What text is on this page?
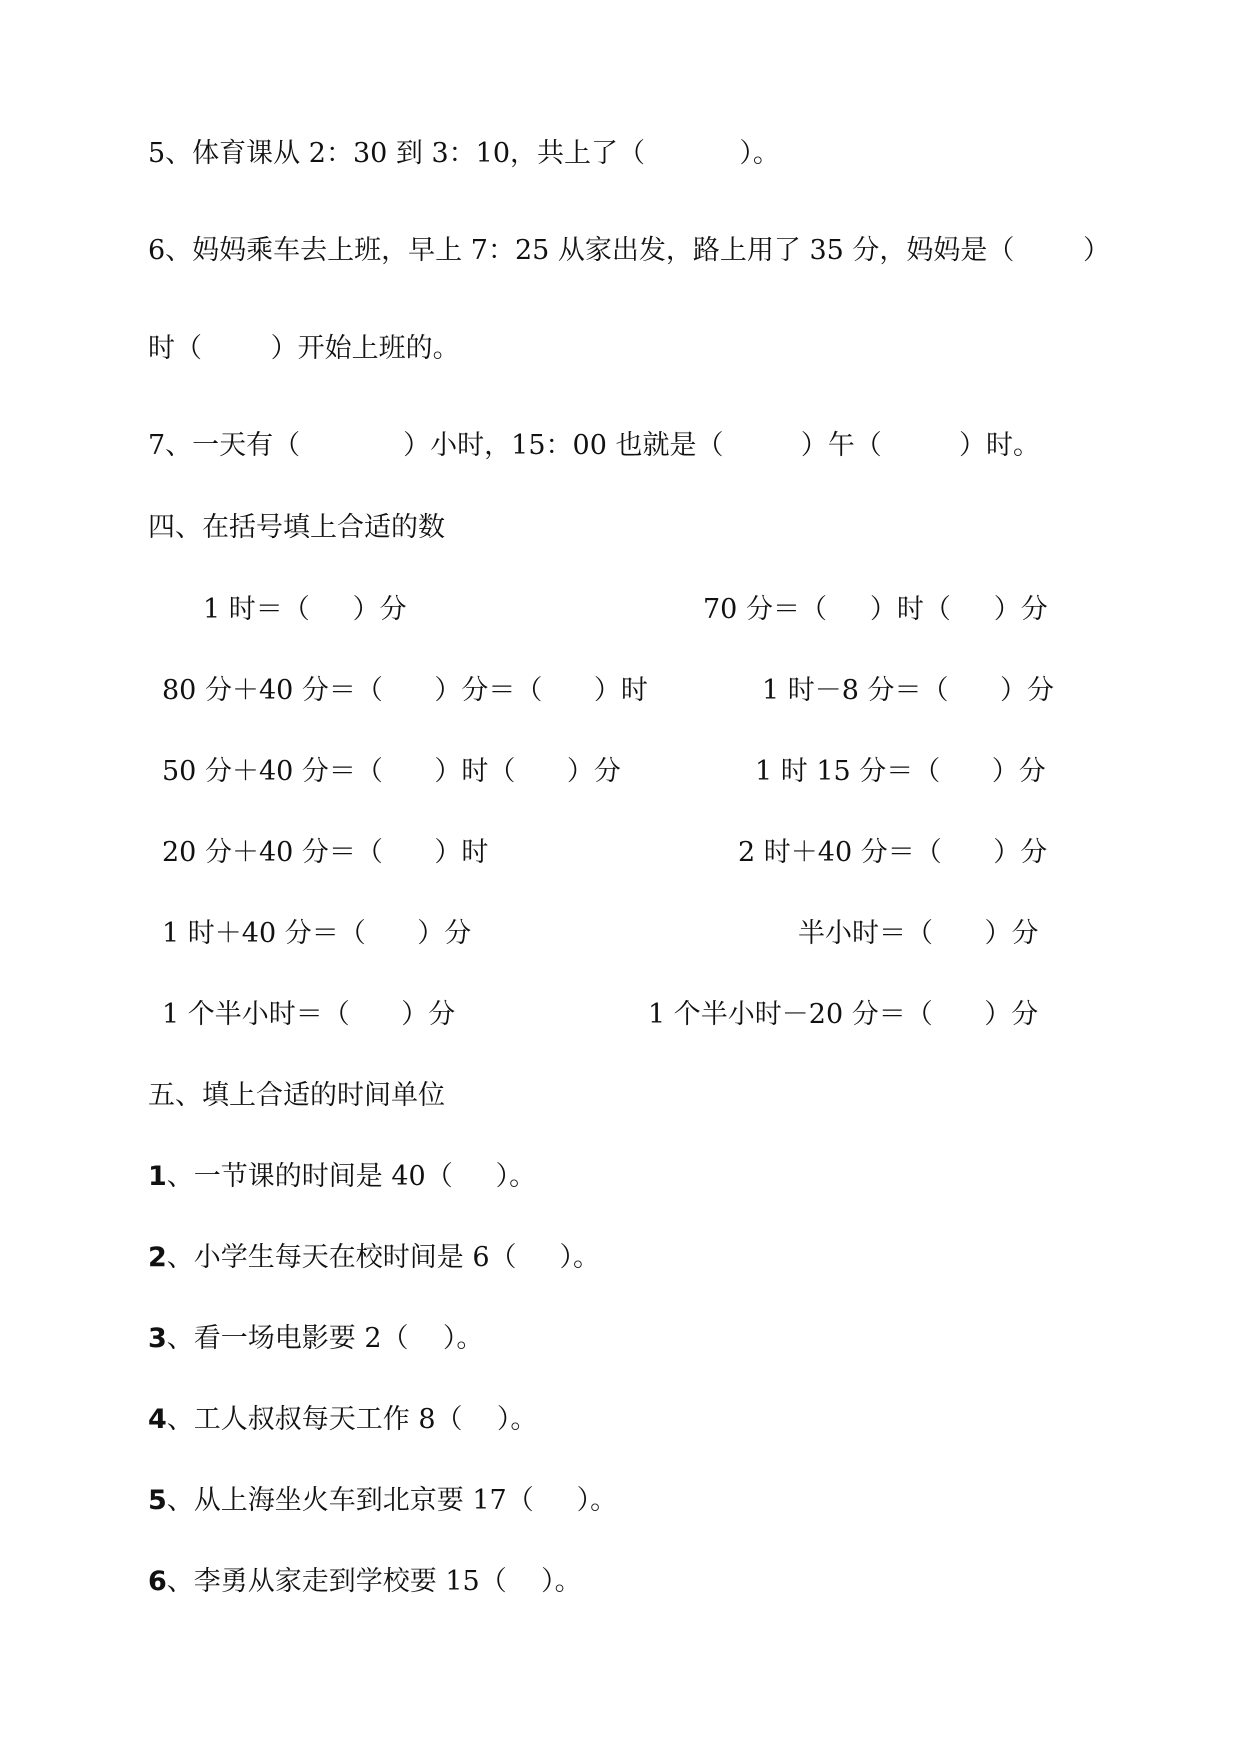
5、体育课从 2：30 到 3：10，共上了（           ）。
6、妈妈乘车去上班，早上 7：25 从家出发，路上用了 35 分，妈妈是（        ）
时（        ）开始上班的。
7、一天有（            ）小时，15：00 也就是（         ）午（         ）时。
四、在括号填上合适的数
1 时＝（     ）分	70 分＝（     ）时（     ）分
80 分＋40 分＝（      ）分＝（      ）时	1 时－8 分＝（      ）分
50 分＋40 分＝（      ）时（      ）分	1 时 15 分＝（      ）分
20 分＋40 分＝（      ）时	2 时＋40 分＝（      ）分
1 时＋40 分＝（      ）分	半小时＝（      ）分
1 个半小时＝（      ）分	1 个半小时－20 分＝（      ）分
五、填上合适的时间单位
1、一节课的时间是 40（     ）。
2、小学生每天在校时间是 6（     ）。
3、看一场电影要 2（    ）。
4、工人叔叔每天工作 8（    ）。
5、从上海坐火车到北京要 17（     ）。
6、李勇从家走到学校要 15（    ）。
